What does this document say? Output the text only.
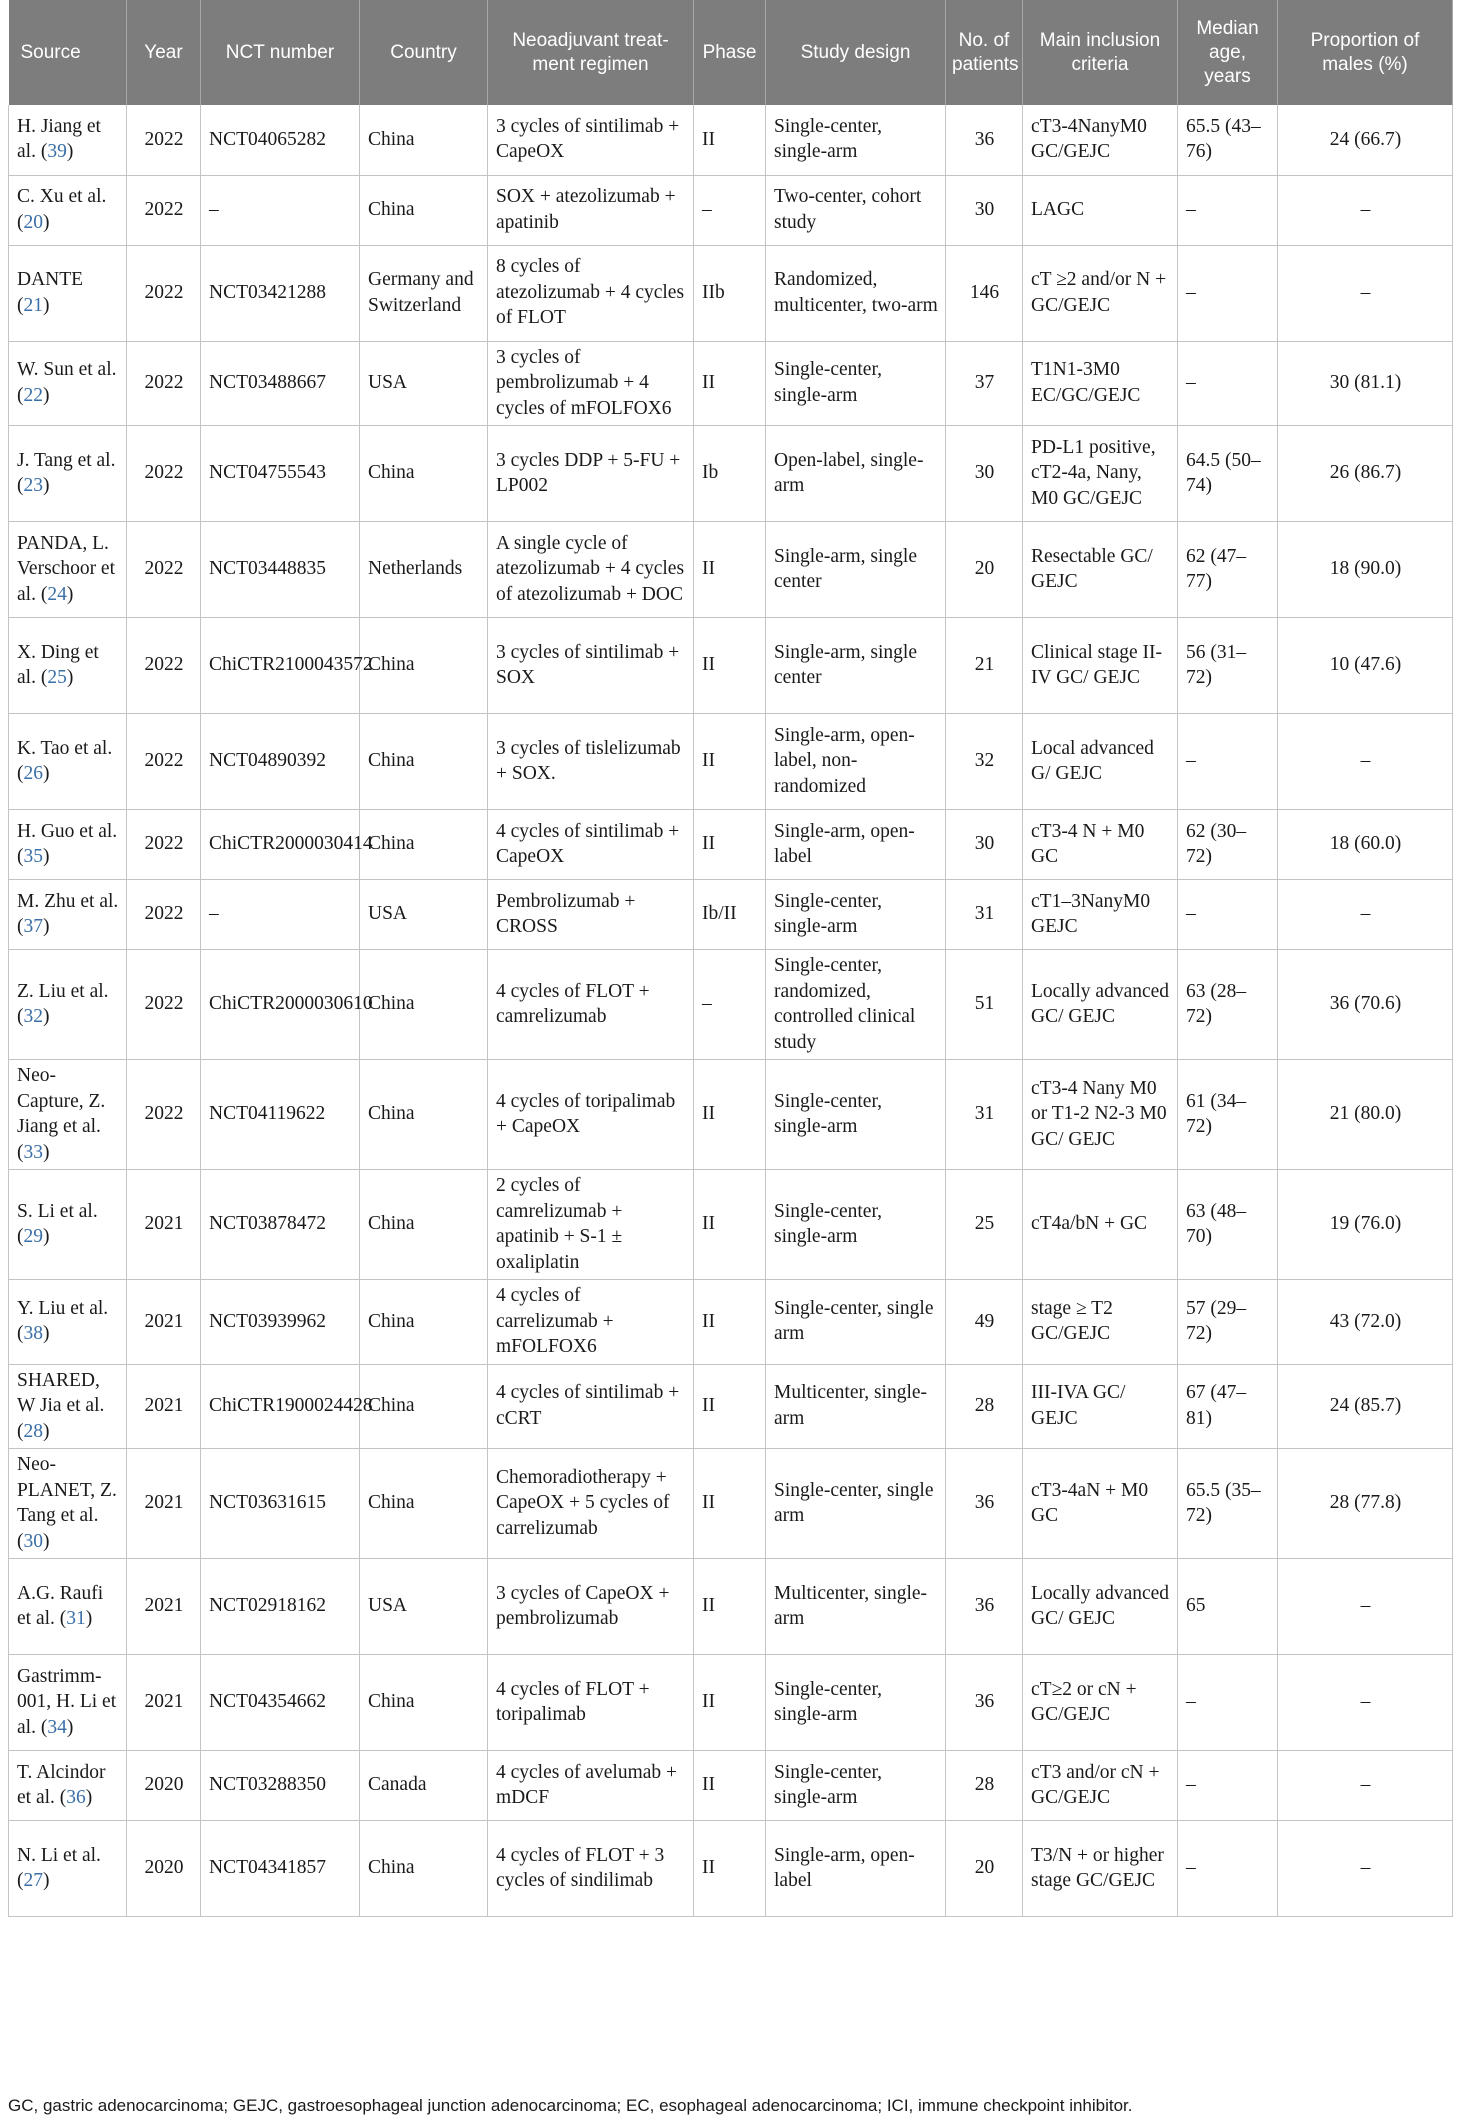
Source	Year	NCT number	Country	Neoadjuvant treat-ment regimen	Phase	Study design	No. of patients	Main inclusion criteria	Median age, years	Proportion of males (%)
H. Jiang et al. (39)	2022	NCT04065282	China	3 cycles of sintilimab + CapeOX	II	Single-center, single-arm	36	cT3-4NanyM0 GC/GEJC	65.5 (43–76)	24 (66.7)
C. Xu et al. (20)	2022	–	China	SOX + atezolizumab + apatinib	–	Two-center, cohort study	30	LAGC	–	–
DANTE (21)	2022	NCT03421288	Germany and Switzerland	8 cycles of atezolizumab + 4 cycles of FLOT	IIb	Randomized, multicenter, two-arm	146	cT ≥2 and/or N + GC/GEJC	–	–
W. Sun et al. (22)	2022	NCT03488667	USA	3 cycles of pembrolizumab + 4 cycles of mFOLFOX6	II	Single-center, single-arm	37	T1N1-3M0 EC/GC/GEJC	–	30 (81.1)
J. Tang et al. (23)	2022	NCT04755543	China	3 cycles DDP + 5-FU + LP002	Ib	Open-label, single-arm	30	PD-L1 positive, cT2-4a, Nany, M0 GC/GEJC	64.5 (50–74)	26 (86.7)
PANDA, L. Verschoor et al. (24)	2022	NCT03448835	Netherlands	A single cycle of atezolizumab + 4 cycles of atezolizumab + DOC	II	Single-arm, single center	20	Resectable GC/ GEJC	62 (47–77)	18 (90.0)
X. Ding et al. (25)	2022	ChiCTR2100043572	China	3 cycles of sintilimab + SOX	II	Single-arm, single center	21	Clinical stage II-IV GC/ GEJC	56 (31–72)	10 (47.6)
K. Tao et al. (26)	2022	NCT04890392	China	3 cycles of tislelizumab + SOX.	II	Single-arm, open-label, non-randomized	32	Local advanced G/ GEJC	–	–
H. Guo et al. (35)	2022	ChiCTR2000030414	China	4 cycles of sintilimab + CapeOX	II	Single-arm, open-label	30	cT3-4 N + M0 GC	62 (30–72)	18 (60.0)
M. Zhu et al. (37)	2022	–	USA	Pembrolizumab + CROSS	Ib/II	Single-center, single-arm	31	cT1–3NanyM0 GEJC	–	–
Z. Liu et al. (32)	2022	ChiCTR2000030610	China	4 cycles of FLOT + camrelizumab	–	Single-center, randomized, controlled clinical study	51	Locally advanced GC/ GEJC	63 (28–72)	36 (70.6)
Neo-Capture, Z. Jiang et al. (33)	2022	NCT04119622	China	4 cycles of toripalimab + CapeOX	II	Single-center, single-arm	31	cT3-4 Nany M0 or T1-2 N2-3 M0 GC/ GEJC	61 (34–72)	21 (80.0)
S. Li et al. (29)	2021	NCT03878472	China	2 cycles of camrelizumab + apatinib + S-1 ± oxaliplatin	II	Single-center, single-arm	25	cT4a/bN + GC	63 (48–70)	19 (76.0)
Y. Liu et al. (38)	2021	NCT03939962	China	4 cycles of carrelizumab + mFOLFOX6	II	Single-center, single arm	49	stage ≥ T2 GC/GEJC	57 (29–72)	43 (72.0)
SHARED, W Jia et al. (28)	2021	ChiCTR1900024428	China	4 cycles of sintilimab + cCRT	II	Multicenter, single-arm	28	III-IVA GC/ GEJC	67 (47–81)	24 (85.7)
Neo-PLANET, Z. Tang et al. (30)	2021	NCT03631615	China	Chemoradiotherapy + CapeOX + 5 cycles of carrelizumab	II	Single-center, single arm	36	cT3-4aN + M0 GC	65.5 (35–72)	28 (77.8)
A.G. Raufi et al. (31)	2021	NCT02918162	USA	3 cycles of CapeOX + pembrolizumab	II	Multicenter, single-arm	36	Locally advanced GC/ GEJC	65	–
Gastrimm-001, H. Li et al. (34)	2021	NCT04354662	China	4 cycles of FLOT + toripalimab	II	Single-center, single-arm	36	cT≥2 or cN + GC/GEJC	–	–
T. Alcindor et al. (36)	2020	NCT03288350	Canada	4 cycles of avelumab + mDCF	II	Single-center, single-arm	28	cT3 and/or cN + GC/GEJC	–	–
N. Li et al. (27)	2020	NCT04341857	China	4 cycles of FLOT + 3 cycles of sindilimab	II	Single-arm, open-label	20	T3/N + or higher stage GC/GEJC	–	–
GC, gastric adenocarcinoma; GEJC, gastroesophageal junction adenocarcinoma; EC, esophageal adenocarcinoma; ICI, immune checkpoint inhibitor.
